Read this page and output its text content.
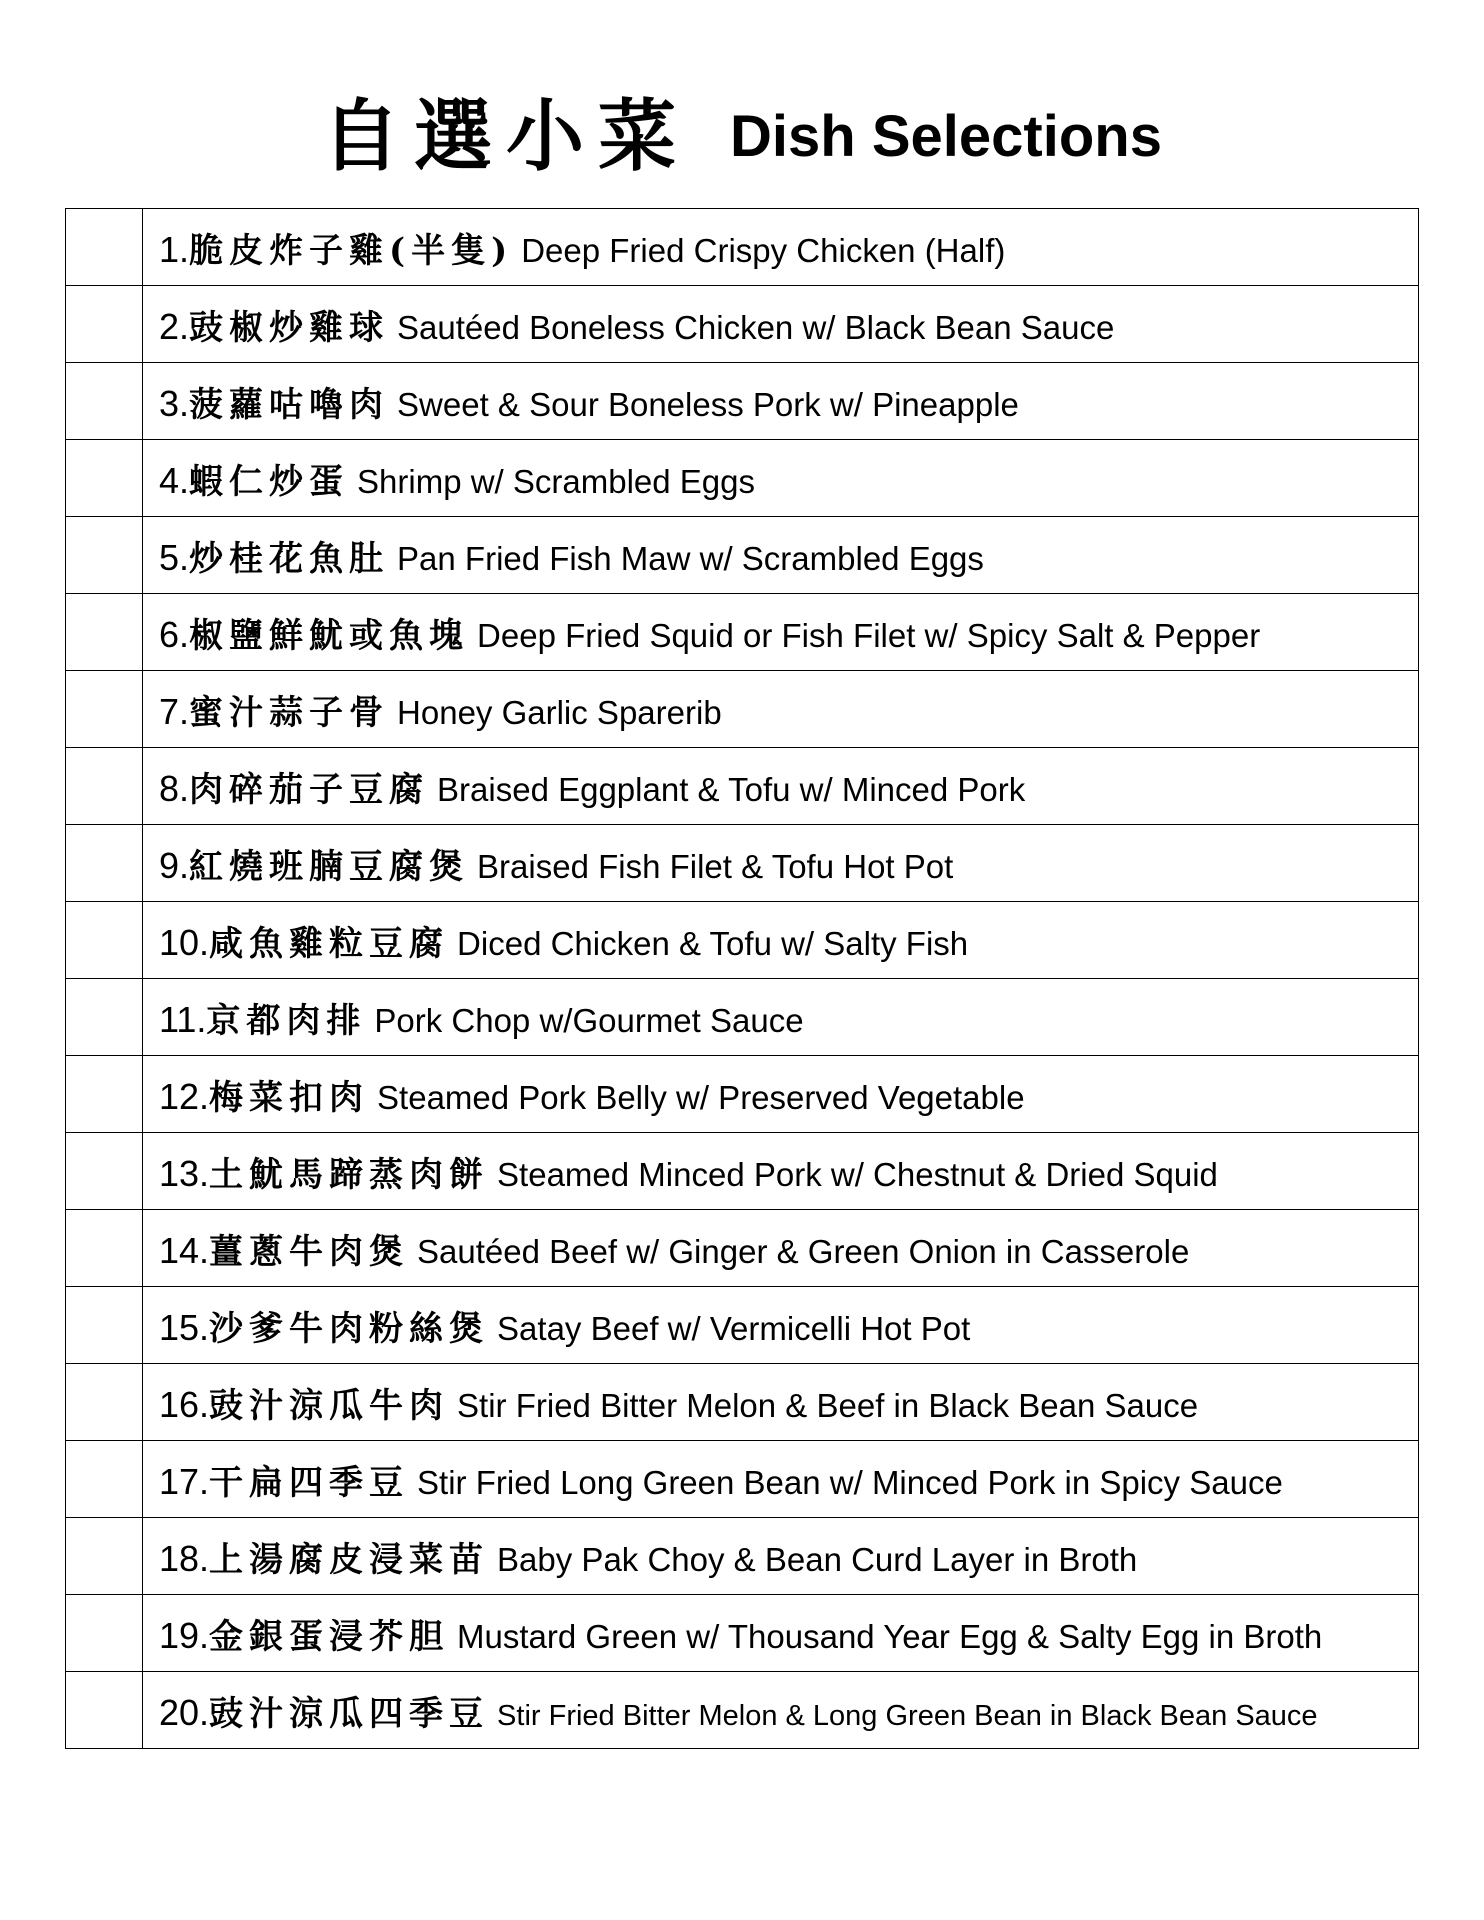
自選小菜 Dish Selections
	1.脆皮炸子雞(半隻) Deep Fried Crispy Chicken (Half)
	2.豉椒炒雞球 Sautéed Boneless Chicken w/ Black Bean Sauce
	3.菠蘿咕嚕肉 Sweet & Sour Boneless Pork w/ Pineapple
	4.蝦仁炒蛋 Shrimp w/ Scrambled Eggs
	5.炒桂花魚肚 Pan Fried Fish Maw w/ Scrambled Eggs
	6.椒鹽鮮魷或魚塊 Deep Fried Squid or Fish Filet w/ Spicy Salt & Pepper
	7.蜜汁蒜子骨 Honey Garlic Sparerib
	8.肉碎茄子豆腐 Braised Eggplant & Tofu w/ Minced Pork
	9.紅燒班腩豆腐煲 Braised Fish Filet & Tofu Hot Pot
	10.咸魚雞粒豆腐 Diced Chicken & Tofu w/ Salty Fish
	11.京都肉排 Pork Chop w/Gourmet Sauce
	12.梅菜扣肉 Steamed Pork Belly w/ Preserved Vegetable
	13.土魷馬蹄蒸肉餅 Steamed Minced Pork w/ Chestnut & Dried Squid
	14.薑蔥牛肉煲 Sautéed Beef w/ Ginger & Green Onion in Casserole
	15.沙爹牛肉粉絲煲 Satay Beef w/ Vermicelli Hot Pot
	16.豉汁涼瓜牛肉 Stir Fried Bitter Melon & Beef in Black Bean Sauce
	17.干扁四季豆 Stir Fried Long Green Bean w/ Minced Pork in Spicy Sauce
	18.上湯腐皮浸菜苗 Baby Pak Choy & Bean Curd Layer in Broth
	19.金銀蛋浸芥胆 Mustard Green w/ Thousand Year Egg & Salty Egg in Broth
	20.豉汁涼瓜四季豆 Stir Fried Bitter Melon & Long Green Bean in Black Bean Sauce
